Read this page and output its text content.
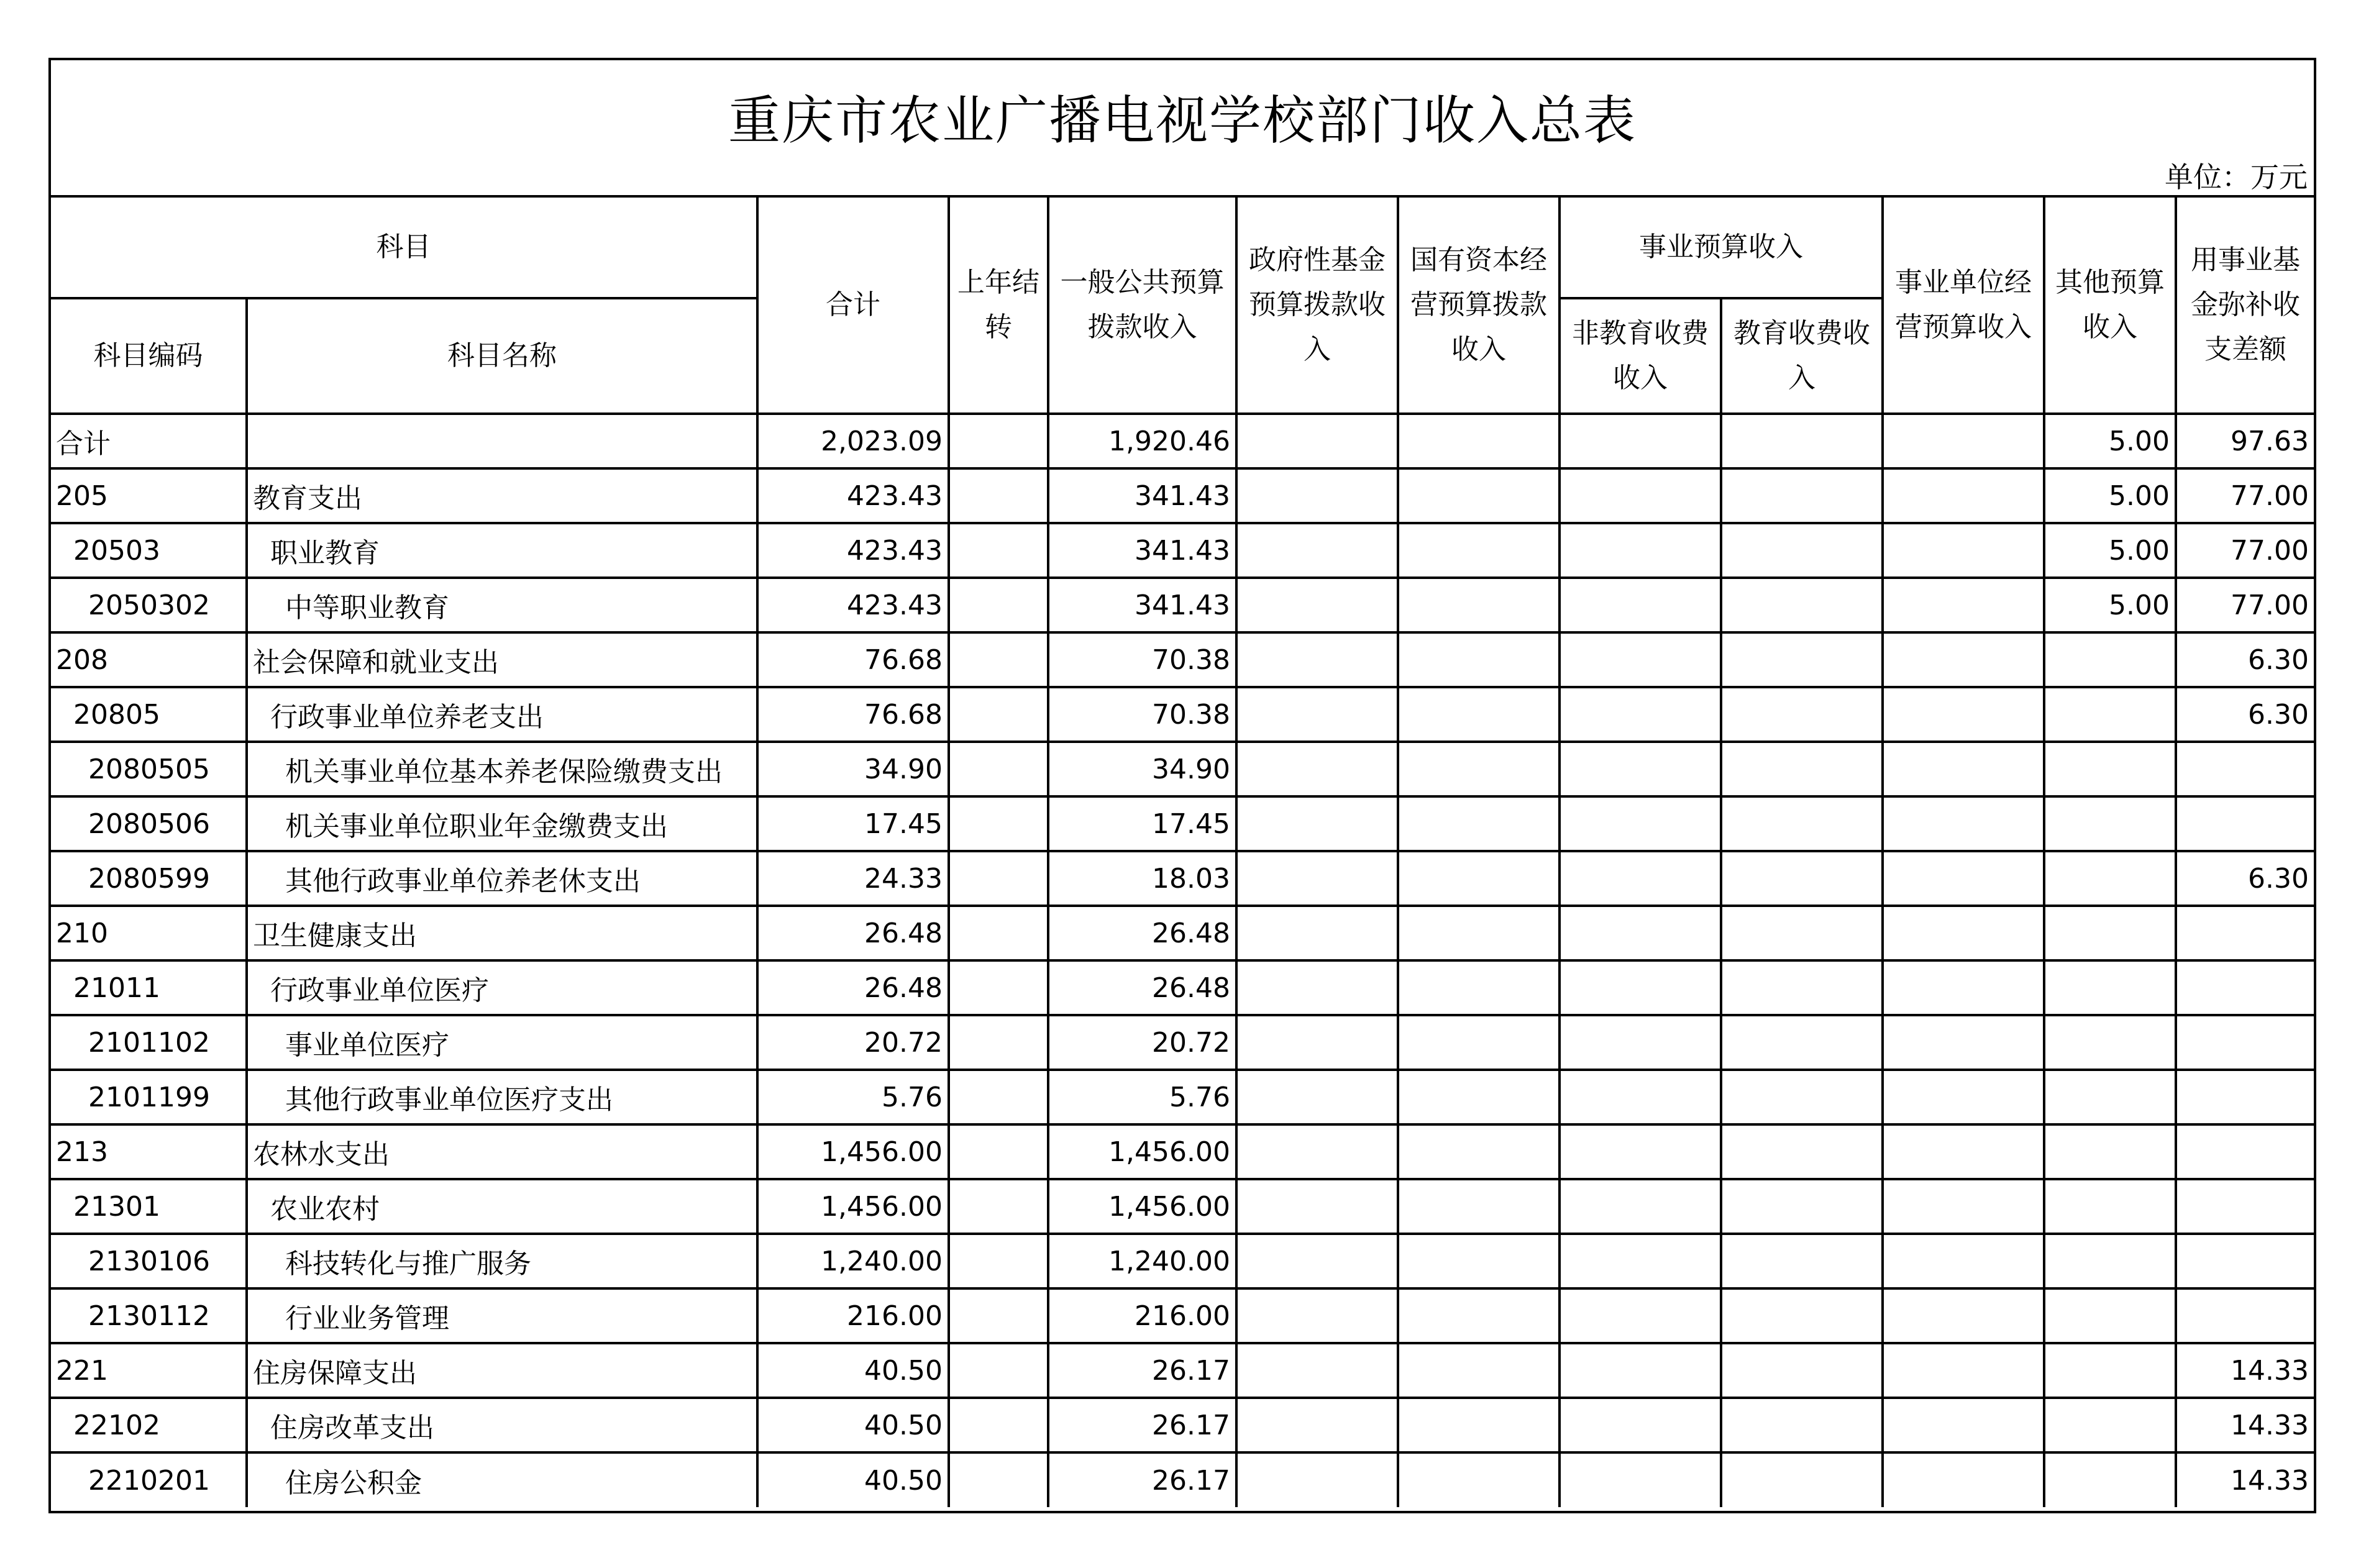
重庆市农业广播电视学校部门收入总表
单位：万元
科目		合计	上年结转	一般公共预算拨款收入	政府性基金预算拨款收入	国有资本经营预算拨款收入	事业预算收入		事业单位经营预算收入	其他预算收入	用事业基金弥补收支差额
科目编码	科目名称						非教育收费收入	教育收费收入			
合计		2,023.09		1,920.46						5.00	97.63
205	教育支出	423.43		341.43						5.00	77.00
20503	职业教育	423.43		341.43						5.00	77.00
2050302	中等职业教育	423.43		341.43						5.00	77.00
208	社会保障和就业支出	76.68		70.38							6.30
20805	行政事业单位养老支出	76.68		70.38							6.30
2080505	机关事业单位基本养老保险缴费支出	34.90		34.90							
2080506	机关事业单位职业年金缴费支出	17.45		17.45							
2080599	其他行政事业单位养老休支出	24.33		18.03							6.30
210	卫生健康支出	26.48		26.48							
21011	行政事业单位医疗	26.48		26.48							
2101102	事业单位医疗	20.72		20.72							
2101199	其他行政事业单位医疗支出	5.76		5.76							
213	农林水支出	1,456.00		1,456.00							
21301	农业农村	1,456.00		1,456.00							
2130106	科技转化与推广服务	1,240.00		1,240.00							
2130112	行业业务管理	216.00		216.00							
221	住房保障支出	40.50		26.17							14.33
22102	住房改革支出	40.50		26.17							14.33
2210201	住房公积金	40.50		26.17							14.33
